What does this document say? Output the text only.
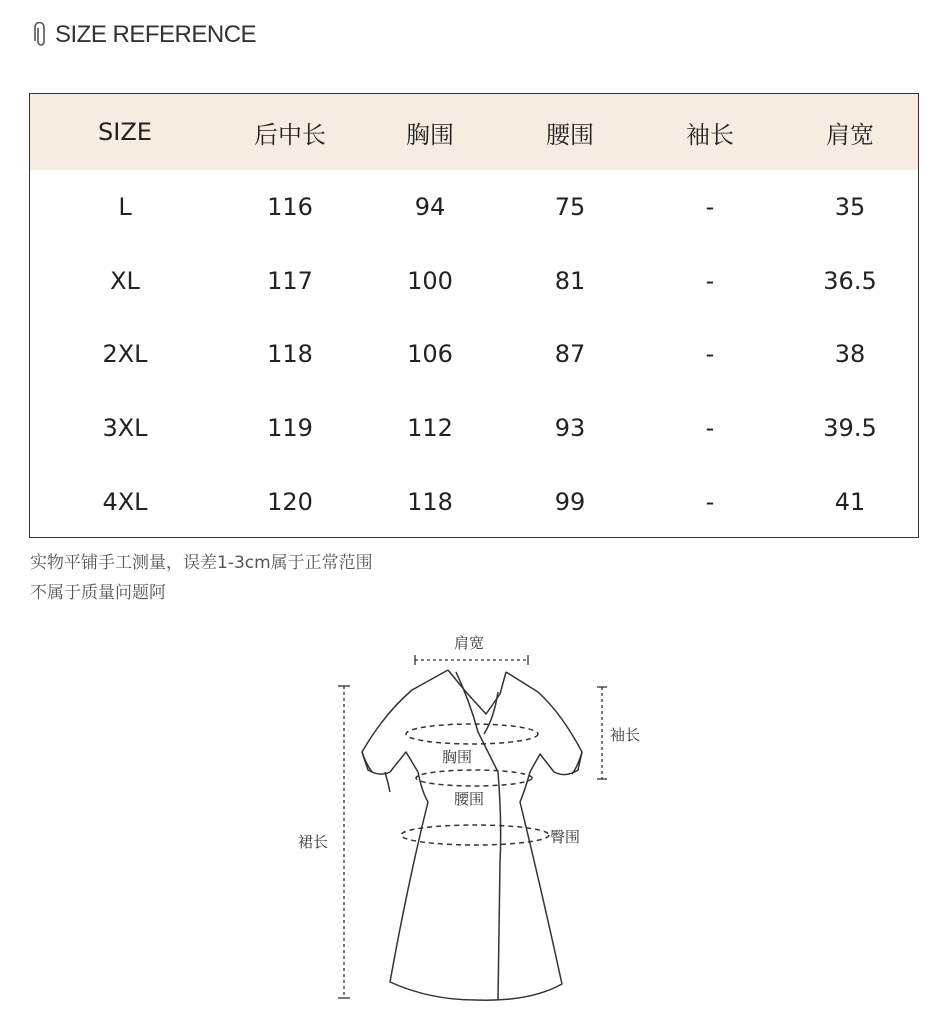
SIZE REFERENCE
SIZE	后中长	胸围	腰围	袖长	肩宽
L	116	94	75	-	35
XL	117	100	81	-	36.5
2XL	118	106	87	-	38
3XL	119	112	93	-	39.5
4XL	120	118	99	-	41
实物平铺手工测量，误差1-3cm属于正常范围
不属于质量问题阿
肩宽
裙长
袖长
胸围
腰围
臀围
